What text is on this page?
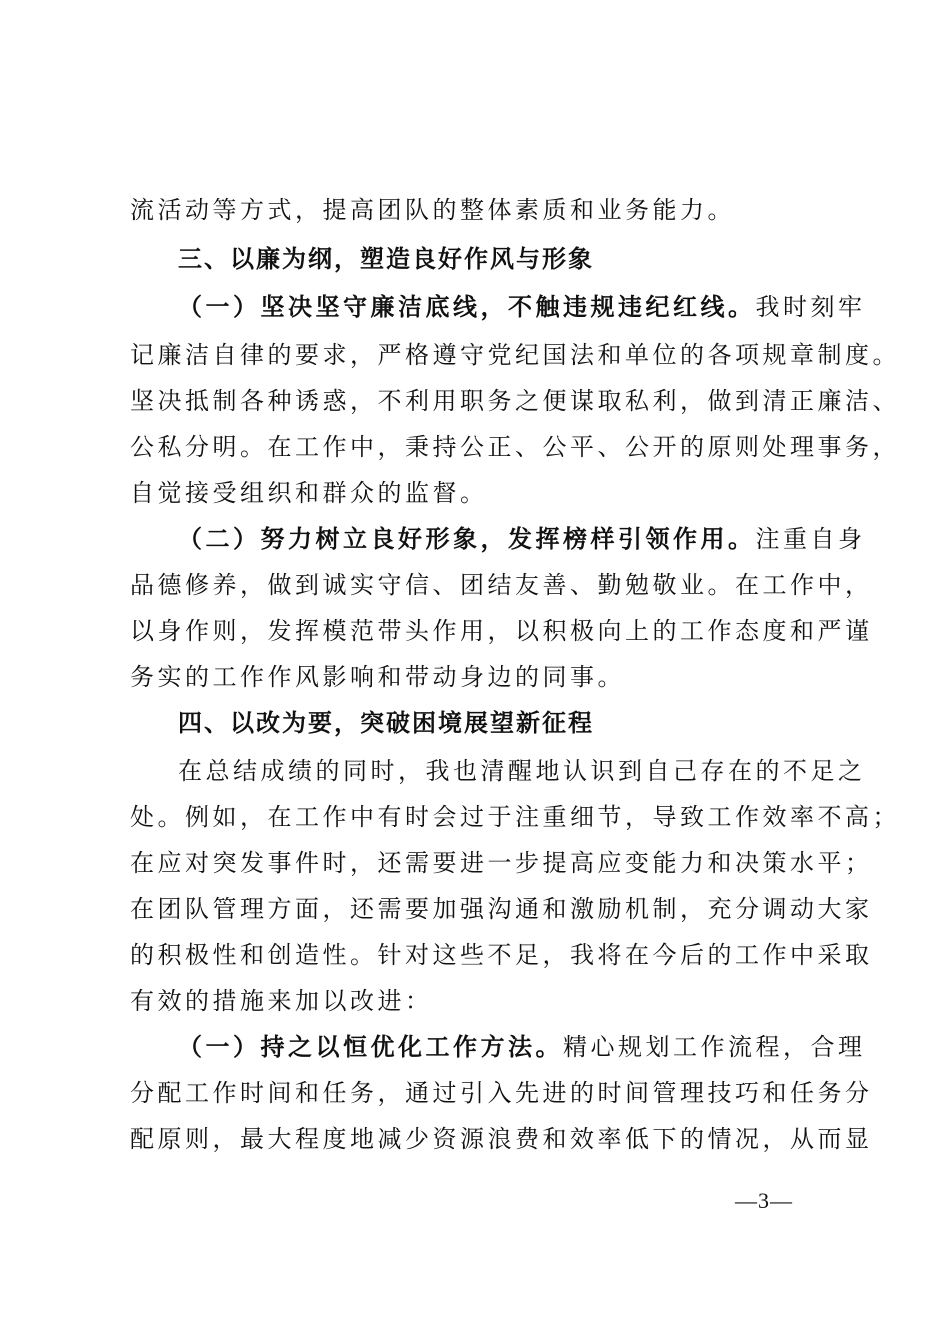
流活动等方式，提高团队的整体素质和业务能力。
三、以廉为纲，塑造良好作风与形象
（一）坚决坚守廉洁底线，不触违规违纪红线。我时刻牢
记廉洁自律的要求，严格遵守党纪国法和单位的各项规章制度。
坚决抵制各种诱惑，不利用职务之便谋取私利，做到清正廉洁、
公私分明。在工作中，秉持公正、公平、公开的原则处理事务，
自觉接受组织和群众的监督。
（二）努力树立良好形象，发挥榜样引领作用。注重自身
品德修养，做到诚实守信、团结友善、勤勉敬业。在工作中，
以身作则，发挥模范带头作用，以积极向上的工作态度和严谨
务实的工作作风影响和带动身边的同事。
四、以改为要，突破困境展望新征程
在总结成绩的同时，我也清醒地认识到自己存在的不足之
处。例如，在工作中有时会过于注重细节，导致工作效率不高；
在应对突发事件时，还需要进一步提高应变能力和决策水平；
在团队管理方面，还需要加强沟通和激励机制，充分调动大家
的积极性和创造性。针对这些不足，我将在今后的工作中采取
有效的措施来加以改进：
（一）持之以恒优化工作方法。精心规划工作流程，合理
分配工作时间和任务，通过引入先进的时间管理技巧和任务分
配原则，最大程度地减少资源浪费和效率低下的情况，从而显
—3—
